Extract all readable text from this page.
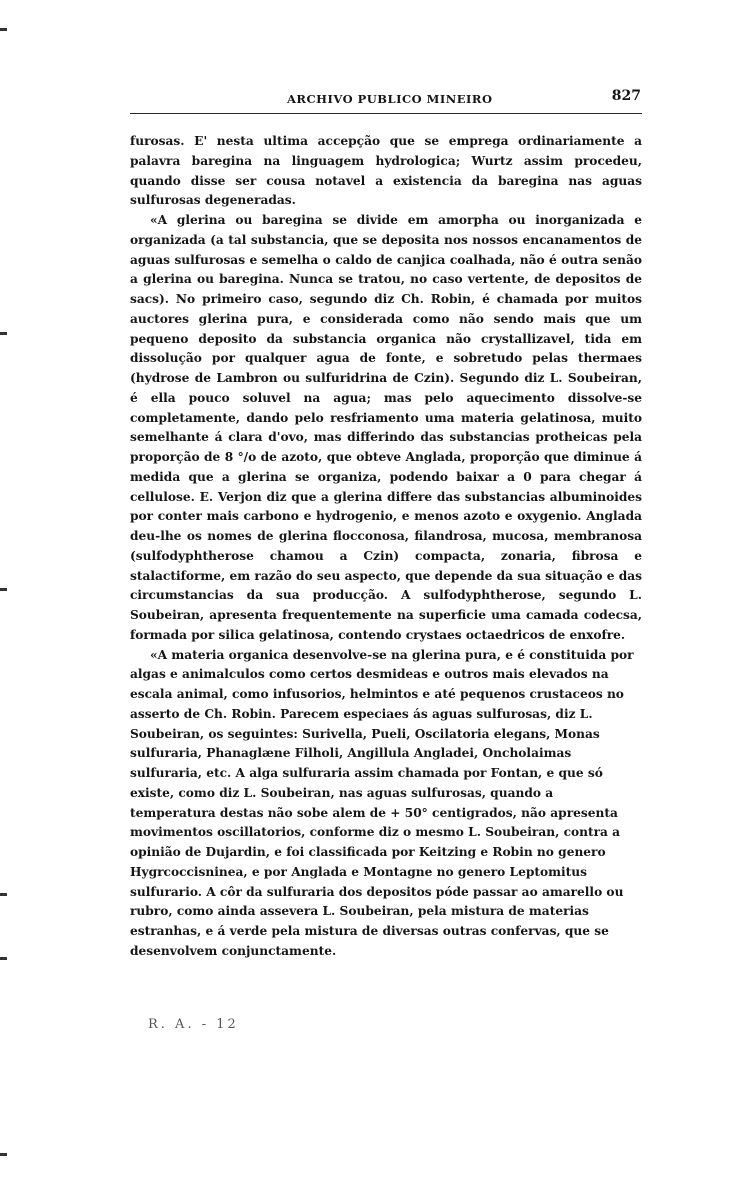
ARCHIVO PUBLICO MINEIRO	827

furosas. E' nesta ultima accepção que se emprega ordinariamente a palavra baregina na linguagem hydrologica; Wurtz assim procedeu, quando disse ser cousa notavel a existencia da baregina nas aguas sulfurosas degeneradas.

«A glerina ou baregina se divide em amorpha ou inorganizada e organizada (a tal substancia, que se deposita nos nossos encanamentos de aguas sulfurosas e semelha o caldo de canjica coalhada, não é outra senão a glerina ou baregina. Nunca se tratou, no caso vertente, de depositos de sacs). No primeiro caso, segundo diz Ch. Robin, é chamada por muitos auctores glerina pura, e considerada como não sendo mais que um pequeno deposito da substancia organica não crystallizavel, tida em dissolução por qualquer agua de fonte, e sobretudo pelas thermaes (hydrose de Lambron ou sulfuridrina de Czin). Segundo diz L. Soubeiran, é ella pouco soluvel na agua; mas pelo aquecimento dissolve-se completamente, dando pelo resfriamento uma materia gelatinosa, muito semelhante á clara d'ovo, mas differindo das substancias protheicas pela proporção de 8 °/o de azoto, que obteve Anglada, proporção que diminue á medida que a glerina se organiza, podendo baixar a 0 para chegar á cellulose. E. Verjon diz que a glerina differe das substancias albuminoides por conter mais carbono e hydrogenio, e menos azoto e oxygenio. Anglada deu-lhe os nomes de glerina flocconosa, filandrosa, mucosa, membranosa (sulfodyphtherose chamou a Czin) compacta, zonaria, fibrosa e stalactiforme, em razão do seu aspecto, que depende da sua situação e das circumstancias da sua producção. A sulfodyphtherose, segundo L. Soubeiran, apresenta frequentemente na superficie uma camada codecsa, formada por silica gelatinosa, contendo crystaes octaedricos de enxofre.

«A materia organica desenvolve-se na glerina pura, e é constituida por algas e animalculos como certos desmideas e outros mais elevados na escala animal, como infusorios, helmintos e até pequenos crustaceos no asserto de Ch. Robin. Parecem especiaes ás aguas sulfurosas, diz L. Soubeiran, os seguintes: Surivella, Pueli, Oscilatoria elegans, Monas sulfuraria, Phanaglæne Filholi, Angillula Angladei, Oncholaimas sulfuraria, etc. A alga sulfuraria assim chamada por Fontan, e que só existe, como diz L. Soubeiran, nas aguas sulfurosas, quando a temperatura destas não sobe alem de + 50° centigrados, não apresenta movimentos oscillatorios, conforme diz o mesmo L. Soubeiran, contra a opinião de Dujardin, e foi classificada por Keitzing e Robin no genero Hygrcoccisninea, e por Anglada e Montagne no genero Leptomitus sulfurario. A côr da sulfuraria dos depositos póde passar ao amarello ou rubro, como ainda assevera L. Soubeiran, pela mistura de materias estranhas, e á verde pela mistura de diversas outras confervas, que se desenvolvem conjunctamente.

R. A. - 12
